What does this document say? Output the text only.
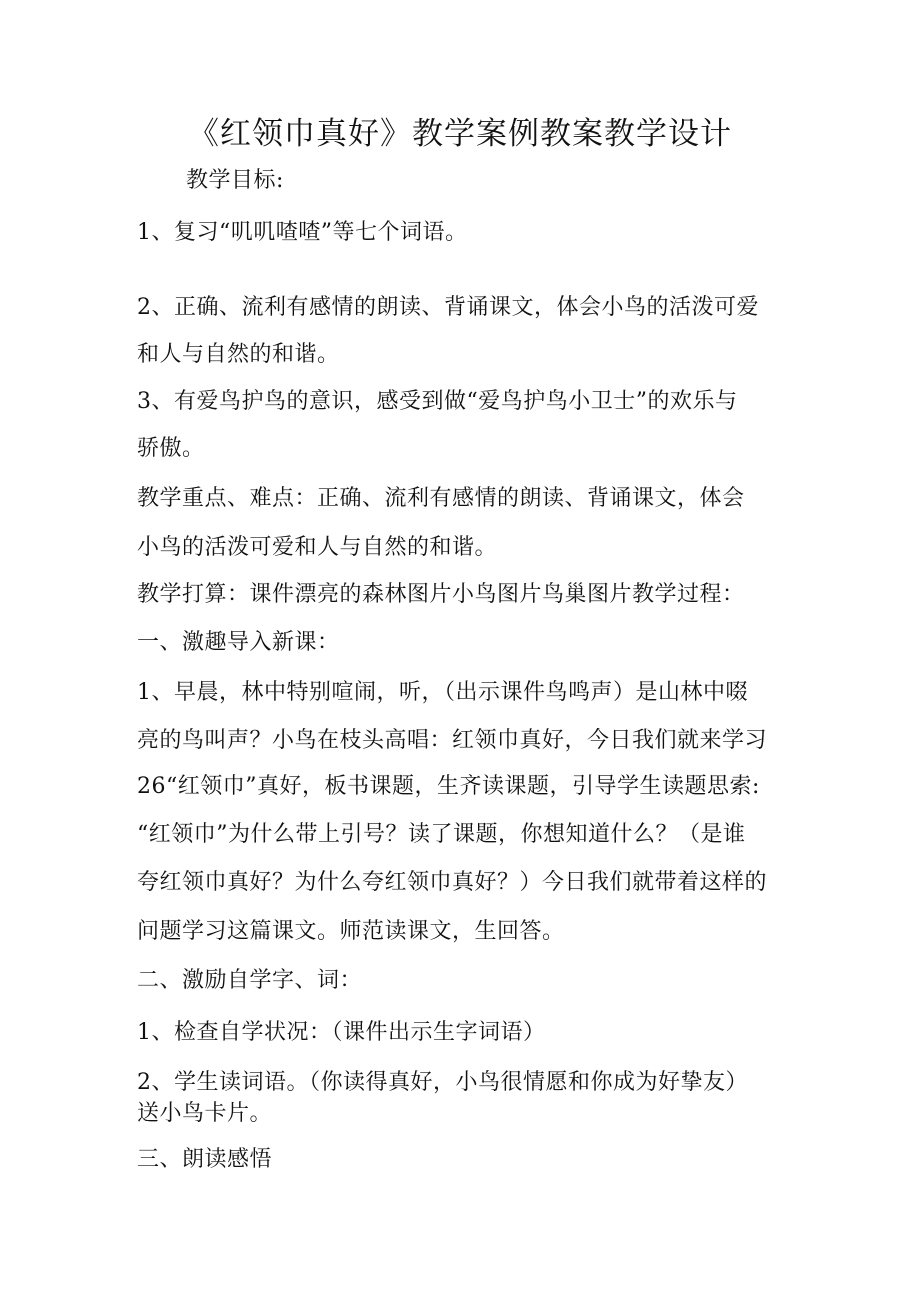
《红领巾真好》教学案例教案教学设计
教学目标:
1、复习“叽叽喳喳”等七个词语。
2、正确、流利有感情的朗读、背诵课文，体会小鸟的活泼可爱
和人与自然的和谐。
3、有爱鸟护鸟的意识，感受到做“爱鸟护鸟小卫士”的欢乐与
骄傲。
教学重点、难点：正确、流利有感情的朗读、背诵课文，体会
小鸟的活泼可爱和人与自然的和谐。
教学打算：课件漂亮的森林图片小鸟图片鸟巢图片教学过程：
一、激趣导入新课：
1、早晨，林中特别喧闹，听，（出示课件鸟鸣声）是山林中啜
亮的鸟叫声？小鸟在枝头高唱：红领巾真好，今日我们就来学习
26“红领巾”真好，板书课题，生齐读课题，引导学生读题思索:
“红领巾”为什么带上引号？读了课题，你想知道什么？（是谁
夸红领巾真好？为什么夸红领巾真好？）今日我们就带着这样的
问题学习这篇课文。师范读课文，生回答。
二、激励自学字、词：
1、检查自学状况：（课件出示生字词语）
2、学生读词语。（你读得真好，小鸟很情愿和你成为好挚友）
送小鸟卡片。
三、朗读感悟
